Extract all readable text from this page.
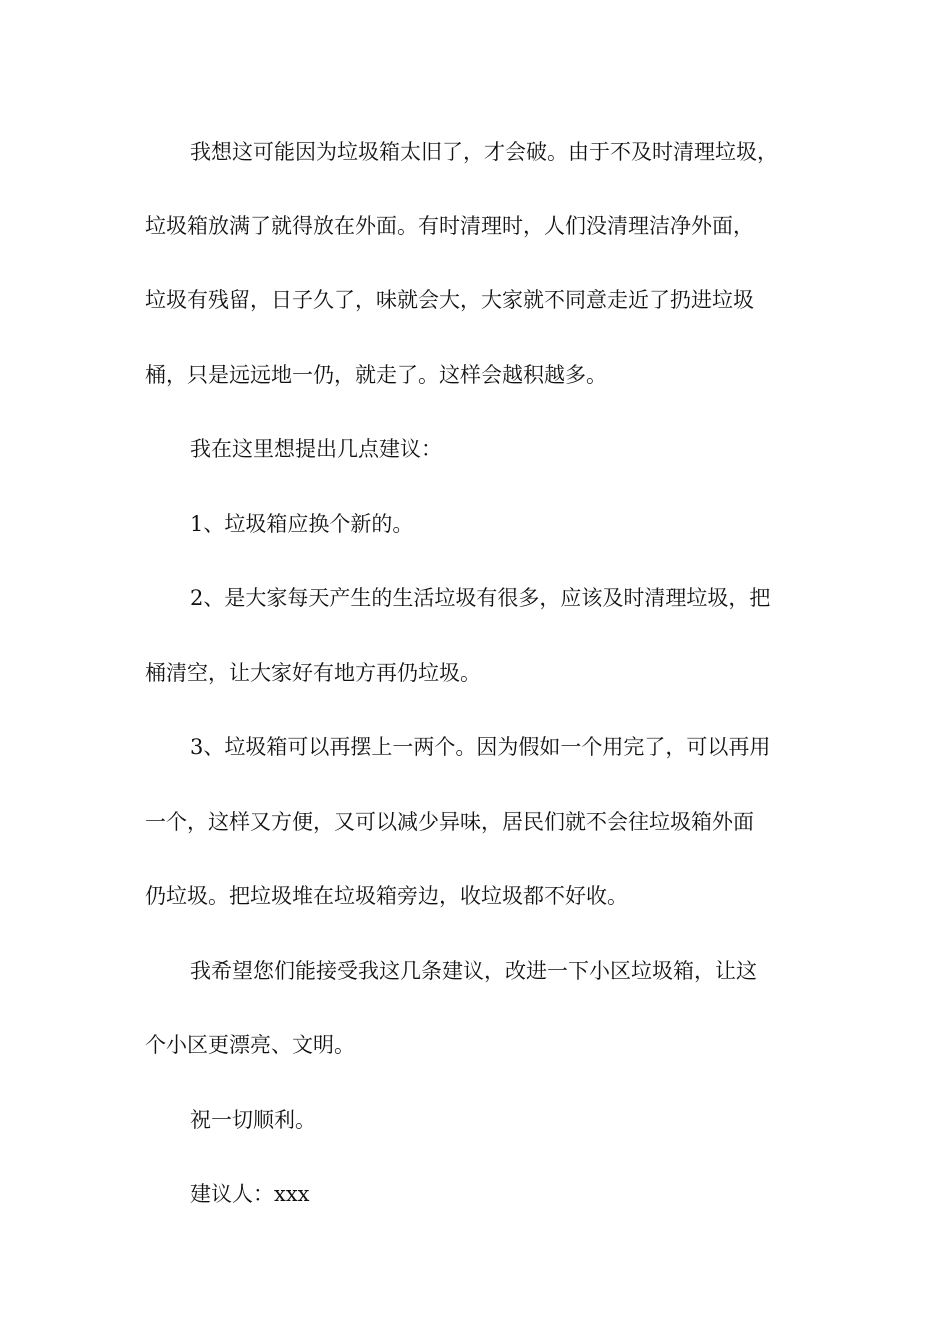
我想这可能因为垃圾箱太旧了，才会破。由于不及时清理垃圾，
垃圾箱放满了就得放在外面。有时清理时，人们没清理洁净外面，
垃圾有残留，日子久了，味就会大，大家就不同意走近了扔进垃圾
桶，只是远远地一仍，就走了。这样会越积越多。
我在这里想提出几点建议：
1、垃圾箱应换个新的。
2、是大家每天产生的生活垃圾有很多，应该及时清理垃圾，把
桶清空，让大家好有地方再仍垃圾。
3、垃圾箱可以再摆上一两个。因为假如一个用完了，可以再用
一个，这样又方便，又可以减少异味，居民们就不会往垃圾箱外面
仍垃圾。把垃圾堆在垃圾箱旁边，收垃圾都不好收。
我希望您们能接受我这几条建议，改进一下小区垃圾箱，让这
个小区更漂亮、文明。
祝一切顺利。
建议人：xxx
